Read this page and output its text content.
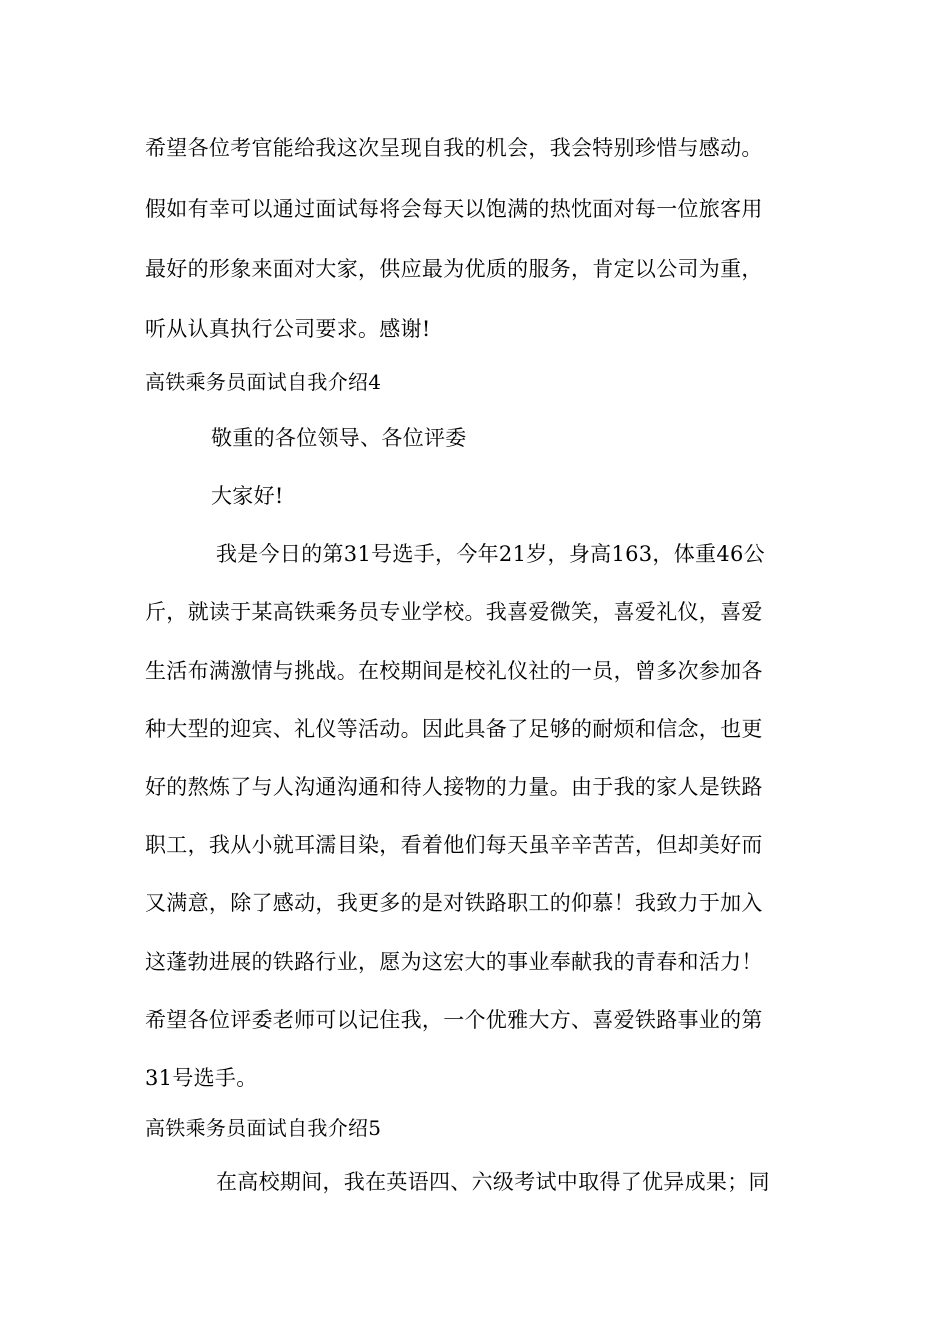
希望各位考官能给我这次呈现自我的机会，我会特别珍惜与感动。
假如有幸可以通过面试每将会每天以饱满的热忱面对每一位旅客用
最好的形象来面对大家，供应最为优质的服务，肯定以公司为重，
听从认真执行公司要求。感谢!
高铁乘务员面试自我介绍4
敬重的各位领导、各位评委
大家好!
我是今日的第31号选手，今年21岁，身高163，体重46公
斤，就读于某高铁乘务员专业学校。我喜爱微笑，喜爱礼仪，喜爱
生活布满激情与挑战。在校期间是校礼仪社的一员，曾多次参加各
种大型的迎宾、礼仪等活动。因此具备了足够的耐烦和信念，也更
好的熬炼了与人沟通沟通和待人接物的力量。由于我的家人是铁路
职工，我从小就耳濡目染，看着他们每天虽辛辛苦苦，但却美好而
又满意，除了感动，我更多的是对铁路职工的仰慕！我致力于加入
这蓬勃进展的铁路行业，愿为这宏大的事业奉献我的青春和活力！
希望各位评委老师可以记住我，一个优雅大方、喜爱铁路事业的第
31号选手。
高铁乘务员面试自我介绍5
在高校期间，我在英语四、六级考试中取得了优异成果；同
